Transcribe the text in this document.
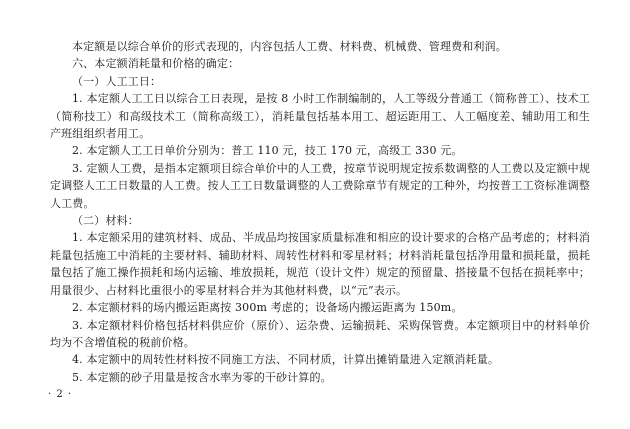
本定额是以综合单价的形式表现的，内容包括人工费、材料费、机械费、管理费和利润。

六、本定额消耗量和价格的确定：

（一）人工工日：

1. 本定额人工工日以综合工日表现，是按 8 小时工作制编制的，人工等级分普通工（简称普工）、技术工（简称技工）和高级技术工（简称高级工），消耗量包括基本用工、超运距用工、人工幅度差、辅助用工和生产班组组织者用工。

2. 本定额人工工日单价分别为：普工 110 元，技工 170 元，高级工 330 元。

3. 定额人工费，是指本定额项目综合单价中的人工费，按章节说明规定按系数调整的人工费以及定额中规定调整人工工日数量的人工费。按人工工日数量调整的人工费除章节有规定的工种外，均按普工工资标准调整人工费。

（二）材料：

1. 本定额采用的建筑材料、成品、半成品均按国家质量标准和相应的设计要求的合格产品考虑的；材料消耗量包括施工中消耗的主要材料、辅助材料、周转性材料和零星材料；材料消耗量包括净用量和损耗量，损耗量包括了施工操作损耗和场内运输、堆放损耗，规范（设计文件）规定的预留量、搭接量不包括在损耗率中；用量很少、占材料比重很小的零星材料合并为其他材料费，以“元”表示。

2. 本定额材料的场内搬运距离按 300m 考虑的；设备场内搬运距离为 150m。

3. 本定额材料价格包括材料供应价（原价）、运杂费、运输损耗、采购保管费。本定额项目中的材料单价均为不含增值税的税前价格。

4. 本定额中的周转性材料按不同施工方法、不同材质，计算出摊销量进入定额消耗量。

5. 本定额的砂子用量是按含水率为零的干砂计算的。

· 2 ·
